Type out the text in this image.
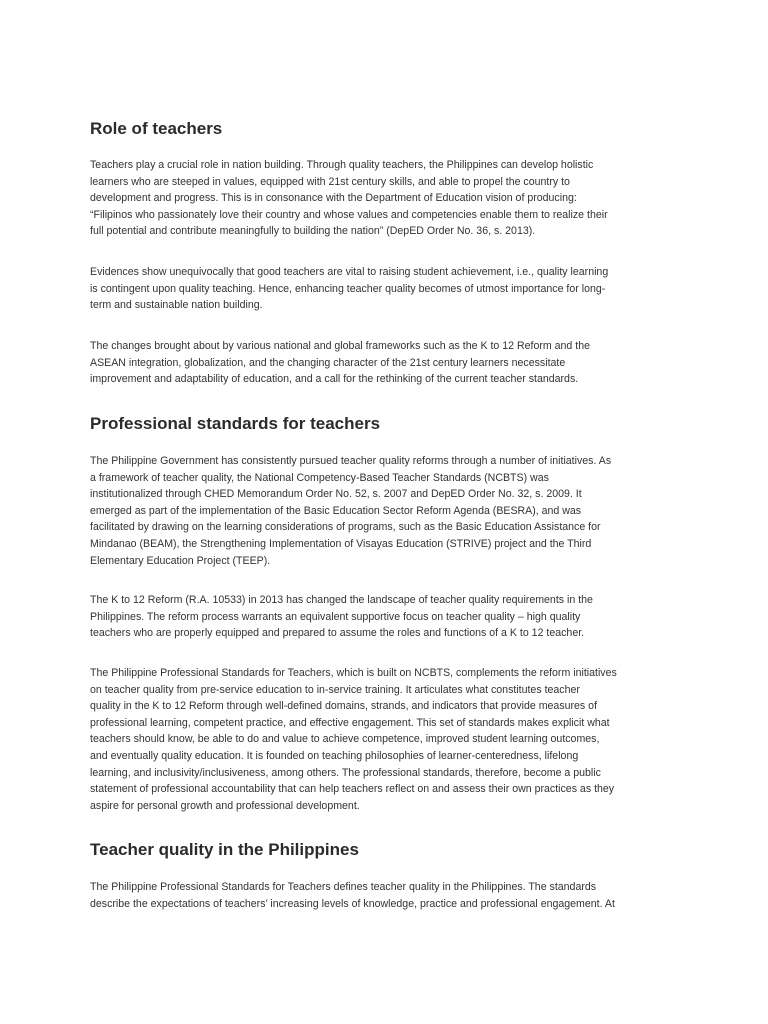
Role of teachers
Teachers play a crucial role in nation building. Through quality teachers, the Philippines can develop holistic
learners who are steeped in values, equipped with 21st century skills, and able to propel the country to
development and progress. This is in consonance with the Department of Education vision of producing:
“Filipinos who passionately love their country and whose values and competencies enable them to realize their
full potential and contribute meaningfully to building the nation” (DepED Order No. 36, s. 2013).
Evidences show unequivocally that good teachers are vital to raising student achievement, i.e., quality learning
is contingent upon quality teaching. Hence, enhancing teacher quality becomes of utmost importance for long-
term and sustainable nation building.
The changes brought about by various national and global frameworks such as the K to 12 Reform and the
ASEAN integration, globalization, and the changing character of the 21st century learners necessitate
improvement and adaptability of education, and a call for the rethinking of the current teacher standards.
Professional standards for teachers
The Philippine Government has consistently pursued teacher quality reforms through a number of initiatives. As
a framework of teacher quality, the National Competency-Based Teacher Standards (NCBTS) was
institutionalized through CHED Memorandum Order No. 52, s. 2007 and DepED Order No. 32, s. 2009. It
emerged as part of the implementation of the Basic Education Sector Reform Agenda (BESRA), and was
facilitated by drawing on the learning considerations of programs, such as the Basic Education Assistance for
Mindanao (BEAM), the Strengthening Implementation of Visayas Education (STRIVE) project and the Third
Elementary Education Project (TEEP).
The K to 12 Reform (R.A. 10533) in 2013 has changed the landscape of teacher quality requirements in the
Philippines. The reform process warrants an equivalent supportive focus on teacher quality – high quality
teachers who are properly equipped and prepared to assume the roles and functions of a K to 12 teacher.
The Philippine Professional Standards for Teachers, which is built on NCBTS, complements the reform initiatives
on teacher quality from pre-service education to in-service training. It articulates what constitutes teacher
quality in the K to 12 Reform through well-defined domains, strands, and indicators that provide measures of
professional learning, competent practice, and effective engagement. This set of standards makes explicit what
teachers should know, be able to do and value to achieve competence, improved student learning outcomes,
and eventually quality education. It is founded on teaching philosophies of learner-centeredness, lifelong
learning, and inclusivity/inclusiveness, among others. The professional standards, therefore, become a public
statement of professional accountability that can help teachers reflect on and assess their own practices as they
aspire for personal growth and professional development.
Teacher quality in the Philippines
The Philippine Professional Standards for Teachers defines teacher quality in the Philippines. The standards
describe the expectations of teachers’ increasing levels of knowledge, practice and professional engagement. At
